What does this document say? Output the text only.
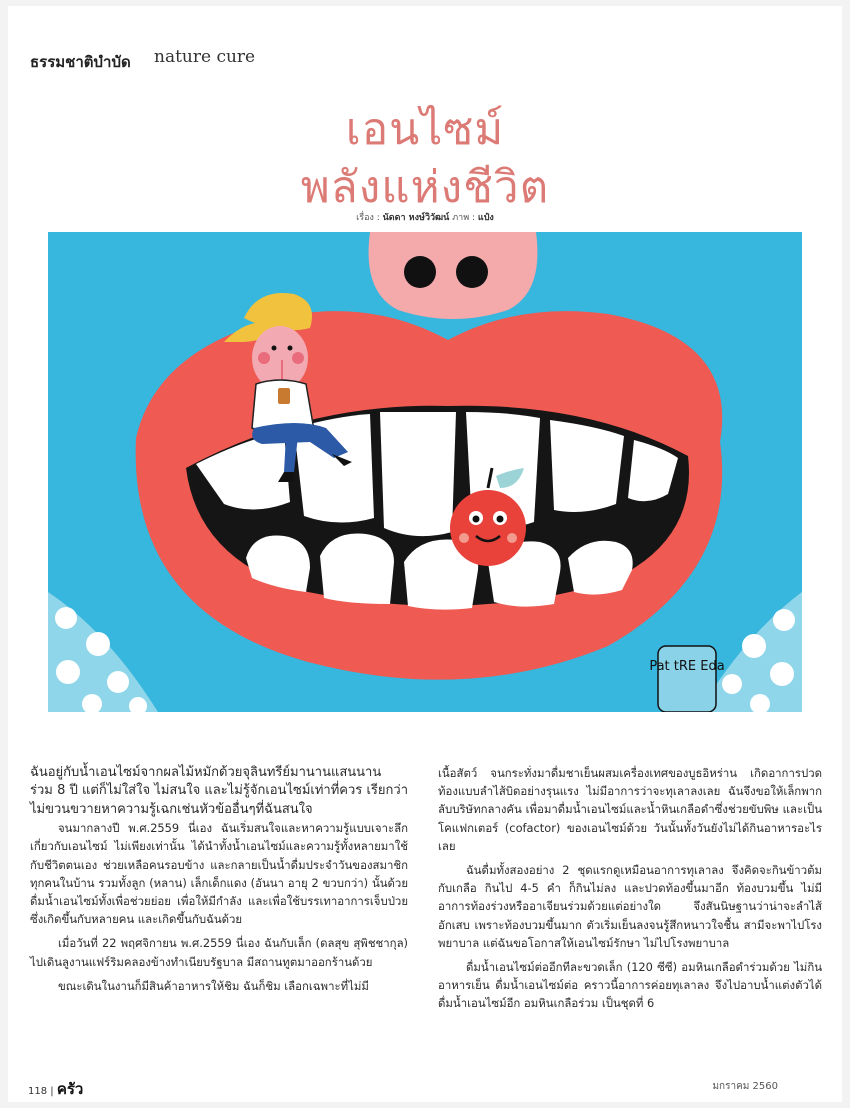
ธรรมชาติบำบัด nature cure
เอนไซม์
พลังแห่งชีวิต
เรื่อง : นัดดา หงษ์วิวัฒน์ ภาพ : แป๋ง
Pat tRE Eda

ฉันอยู่กับน้ำเอนไซม์จากผลไม้หมักด้วยจุลินทรีย์มานานแสนนาน ร่วม 8 ปี แต่ก็ไม่ใส่ใจ ไม่สนใจ และไม่รู้จักเอนไซม์เท่าที่ควร เรียกว่า ไม่ขวนขวายหาความรู้เฉกเช่นหัวข้ออื่นๆที่ฉันสนใจ

จนมากลางปี พ.ศ.2559 นี่เอง ฉันเริ่มสนใจและหาความรู้แบบเจาะลึกเกี่ยวกับเอนไซม์ ไม่เพียงเท่านั้น ได้นำทั้งน้ำเอนไซม์และความรู้ทั้งหลายมาใช้กับชีวิตตนเอง ช่วยเหลือคนรอบข้าง และกลายเป็นน้ำดื่มประจำวันของสมาชิกทุกคนในบ้าน รวมทั้งลูก (หลาน) เล็กเด็กแดง (อันนา อายุ 2 ขวบกว่า) นั้นด้วย ดื่มน้ำเอนไซม์ทั้งเพื่อช่วยย่อย เพื่อให้มีกำลัง และเพื่อใช้บรรเทาอาการเจ็บป่วย ซึ่งเกิดขึ้นกับหลายคน และเกิดขึ้นกับฉันด้วย

เมื่อวันที่ 22 พฤศจิกายน พ.ศ.2559 นี่เอง ฉันกับเล็ก (ดลสุข สุพิชชากุล) ไปเดินลูงานแฟร์ริมคลองข้างทำเนียบรัฐบาล มีสถานทูตมาออกร้านด้วย

ขณะเดินในงานก็มีสินค้าอาหารให้ชิม ฉันก็ชิม เลือกเฉพาะที่ไม่มี

เนื้อสัตว์ จนกระทั่งมาดื่มชาเย็นผสมเครื่องเทศของบูธอิหร่าน เกิดอาการปวดท้องแบบลำไส้บิดอย่างรุนแรง ไม่มีอาการว่าจะทุเลาลงเลย ฉันจึงขอให้เล็กพากลับบริษัทกลางคัน เพื่อมาดื่มน้ำเอนไซม์และน้ำหินเกลือดำซึ่งช่วยขับพิษ และเป็นโคแฟกเตอร์ (cofactor) ของเอนไซม์ด้วย วันนั้นทั้งวันยังไม่ได้กินอาหารอะไรเลย

ฉันดื่มทั้งสองอย่าง 2 ชุดแรกดูเหมือนอาการทุเลาลง จึงคิดจะกินข้าวต้มกับเกลือ กินไป 4-5 คำ ก็กินไม่ลง และปวดท้องขึ้นมาอีก ท้องบวมขึ้น ไม่มีอาการท้องร่วงหรืออาเจียนร่วมด้วยแต่อย่างใด จึงสันนิษฐานว่าน่าจะลำไส้อักเสบ เพราะท้องบวมขึ้นมาก ตัวเริ่มเย็นลงจนรู้สึกหนาวใจชื้น สามีจะพาไปโรงพยาบาล แต่ฉันขอโอกาสให้เอนไซม์รักษา ไม่ไปโรงพยาบาล

ดื่มน้ำเอนไซม์ต่ออีกทีละขวดเล็ก (120 ซีซี) อมหินเกลือดำร่วมด้วย ไม่กินอาหารเย็น ดื่มน้ำเอนไซม์ต่อ คราวนี้อาการค่อยทุเลาลง จึงไปอาบน้ำแต่งตัวได้ ดื่มน้ำเอนไซม์อีก อมหินเกลือร่วม เป็นชุดที่ 6

118 | ครัว	มกราคม 2560
